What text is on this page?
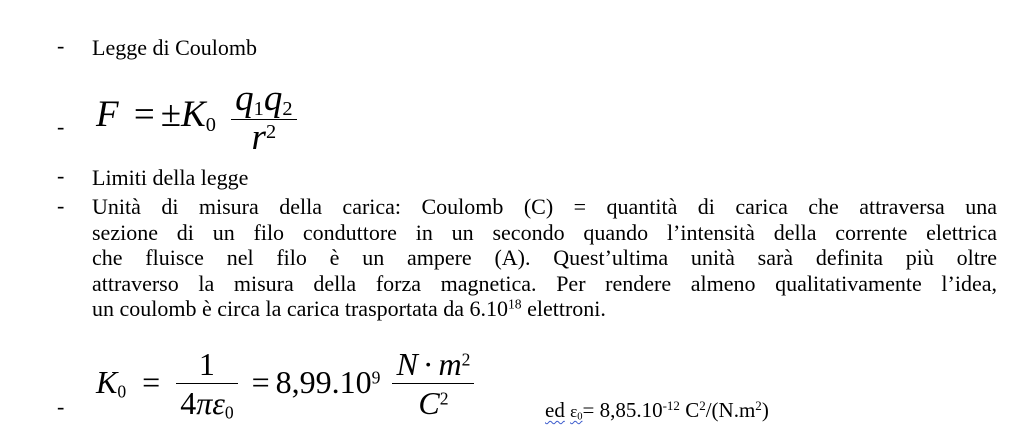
- Legge di Coulomb
- $F = \pm K_0 \frac{q_1q_2}{r^2}$
- Limiti della legge
- Unità di misura della carica: Coulomb (C) = quantità di carica che attraversa una
sezione di un filo conduttore in un secondo quando l’intensità della corrente elettrica
che fluisce nel filo è un ampere (A). Quest’ultima unità sarà definita più oltre
attraverso la misura della forza magnetica. Per rendere almeno qualitativamente l’idea,
un coulomb è circa la carica trasportata da 6.10$^{18}$ elettroni.
-
$K_0 = \frac{1}{4\pi\varepsilon_0} = 8,99.10^9 \frac{N \cdot m^2}{C^2}$	ed $\varepsilon_0= 8,85.10^{-12}$ $C^2/(N.m^2)$
